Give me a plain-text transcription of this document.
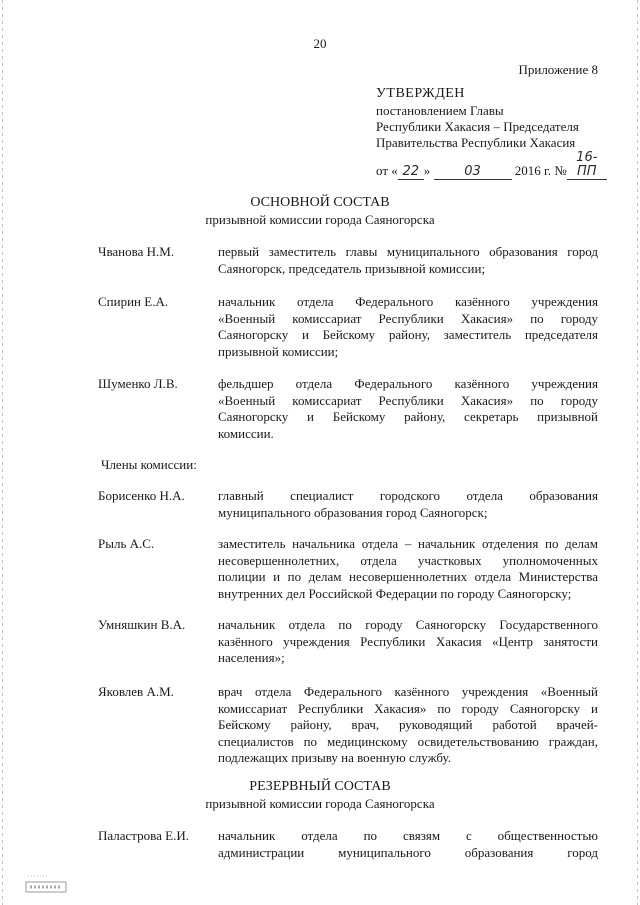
20
Приложение 8
УТВЕРЖДЕН
постановлением Главы
Республики Хакасия – Председателя
Правительства Республики Хакасия
от « 22 »	03	2016 г. №16-ПП
ОСНОВНОЙ СОСТАВ
призывной комиссии города Саяногорска
Чванова Н.М.	первый заместитель главы муниципального образования город
Саяногорск, председатель призывной комиссии;
Спирин Е.А.	начальник отдела Федерального казённого учреждения
«Военный комиссариат Республики Хакасия» по городу
Саяногорску и Бейскому району, заместитель председателя
призывной комиссии;
Шуменко Л.В.	фельдшер отдела Федерального казённого учреждения
«Военный комиссариат Республики Хакасия» по городу
Саяногорску и Бейскому району, секретарь призывной
комиссии.
Члены комиссии:
Борисенко Н.А.	главный специалист городского отдела образования
муниципального образования город Саяногорск;
Рыль А.С.	заместитель начальника отдела – начальник отделения по делам
несовершеннолетних, отдела участковых уполномоченных
полиции и по делам несовершеннолетних отдела Министерства
внутренних дел Российской Федерации по городу Саяногорску;
Умняшкин В.А.	начальник отдела по городу Саяногорску Государственного
казённого учреждения Республики Хакасия «Центр занятости
населения»;
Яковлев А.М.	врач отдела Федерального казённого учреждения «Военный
комиссариат Республики Хакасия» по городу Саяногорску и
Бейскому району, врач, руководящий работой врачей-
специалистов по медицинскому освидетельствованию граждан,
подлежащих призыву на военную службу.
РЕЗЕРВНЫЙ СОСТАВ
призывной комиссии города Саяногорска
Паластрова Е.И. начальник отдела по связям с общественностью
администрации муниципального образования город
